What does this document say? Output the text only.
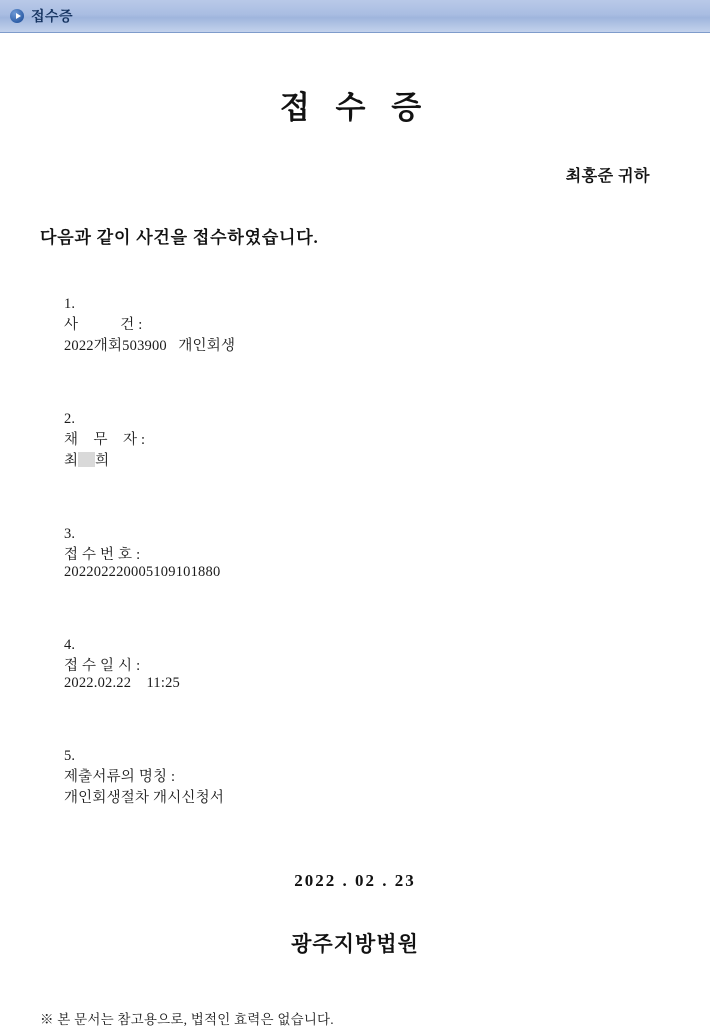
접수증
접 수 증
최홍준 귀하
다음과 같이 사건을 접수하였습니다.

1.
사           건 :
2022개회503900   개인회생

2.
채    무    자 :
최 희

3.
접 수 번 호 :
202202220005109101880

4.
접 수 일 시 :
2022.02.22    11:25

5.
제출서류의 명칭 :
개인회생절차 개시신청서

2022 . 02 . 23
광주지방법원
※ 본 문서는 참고용으로, 법적인 효력은 없습니다.
